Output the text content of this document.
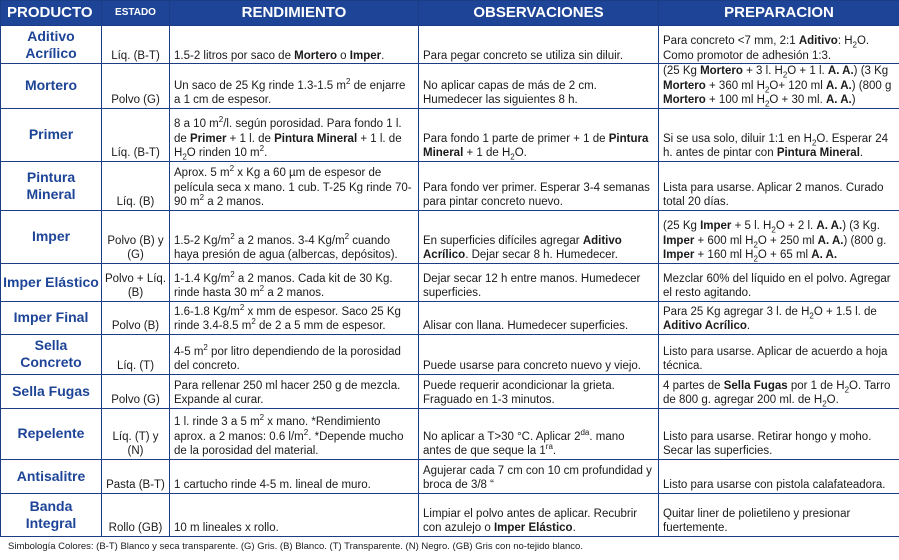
PRODUCTO	ESTADO	RENDIMIENTO	OBSERVACIONES	PREPARACION
Aditivo Acrílico	Líq. (B-T)	1.5-2 litros por saco de Mortero o Imper.	Para pegar concreto se utiliza sin diluir.	Para concreto <7 mm, 2:1 Aditivo: $H_2O$. Como promotor de adhesión 1:3.
Mortero	Polvo (G)	Un saco de 25 Kg rinde 1.3-1.5 $m^2$ de enjarre a 1 cm de espesor.	No aplicar capas de más de 2 cm. Humedecer las siguientes 8 h.	(25 Kg Mortero + 3 l. $H_2O + 1$ l. A. A.) (3 Kg Mortero + 360 ml $H_2O+ 120$ ml A. A.) (800 g Mortero + 100 ml $H_2O + 30$ ml. A. A.)
Primer	Líq. (B-T)	8 a 10 $m^2/l$. según porosidad. Para fondo 1 l. de Primer + 1 l. de Pintura Mineral + 1 l. de $H_2O$ rinden 10 $m^2$.	Para fondo 1 parte de primer + 1 de Pintura Mineral + 1 de $H_2O$.	Si se usa solo, diluir 1:1 en $H_2O$. Esperar 24 h. antes de pintar con Pintura Mineral.
Pintura Mineral	Líq. (B)	Aprox. 5 $m^2$ x Kg a 60 µm de espesor de película seca x mano. 1 cub. T-25 Kg rinde 70-90 $m^2$ a 2 manos.	Para fondo ver primer. Esperar 3-4 semanas para pintar concreto nuevo.	Lista para usarse. Aplicar 2 manos. Curado total 20 días.
Imper	Polvo (B) y (G)	1.5-2 $Kg/m^2$ a 2 manos. 3-4 $Kg/m^2$ cuando haya presión de agua (albercas, depósitos).	En superficies difíciles agregar Aditivo Acrílico. Dejar secar 8 h. Humedecer.	(25 Kg Imper + 5 l. $H_2O + 2$ l. A. A.) (3 Kg. Imper + 600 ml $H_2O + 250$ ml A. A.) (800 g. Imper + 160 ml $H_2O + 65$ ml A. A.
Imper Elástico	Polvo + Líq. (B)	1-1.4 $Kg/m^2$ a 2 manos. Cada kit de 30 Kg. rinde hasta 30 $m^2$ a 2 manos.	Dejar secar 12 h entre manos. Humedecer superficies.	Mezclar 60% del líquido en el polvo. Agregar el resto agitando.
Imper Final	Polvo (B)	1.6-1.8 $Kg/m^2$ x mm de espesor. Saco 25 Kg rinde 3.4-8.5 $m^2$ de 2 a 5 mm de espesor.	Alisar con llana. Humedecer superficies.	Para 25 Kg agregar 3 l. de $H_2O + 1.5$ l. de Aditivo Acrílico.
Sella Concreto	Líq. (T)	4-5 $m^2$ por litro dependiendo de la porosidad del concreto.	Puede usarse para concreto nuevo y viejo.	Listo para usarse. Aplicar de acuerdo a hoja técnica.
Sella Fugas	Polvo (G)	Para rellenar 250 ml hacer 250 g de mezcla. Expande al curar.	Puede requerir acondicionar la grieta. Fraguado en 1-3 minutos.	4 partes de Sella Fugas por 1 de $H_2O$. Tarro de 800 g. agregar 200 ml. de $H_2O$.
Repelente	Líq. (T) y (N)	1 l. rinde 3 a 5 $m^2$ x mano. *Rendimiento aprox. a 2 manos: 0.6 $l/m^2$. *Depende mucho de la porosidad del material.	No aplicar a T>30 °C. Aplicar $2^{da}$. mano antes de que seque la $1^{ra}$.	Listo para usarse. Retirar hongo y moho. Secar las superficies.
Antisalitre	Pasta (B-T)	1 cartucho rinde 4-5 m. lineal de muro.	Agujerar cada 7 cm con 10 cm profundidad y broca de 3/8 “	Listo para usarse con pistola calafateadora.
Banda Integral	Rollo (GB)	10 m lineales x rollo.	Limpiar el polvo antes de aplicar. Recubrir con azulejo o Imper Elástico.	Quitar liner de polietileno y presionar fuertemente.
Simbología Colores: (B-T) Blanco y seca transparente. (G) Gris. (B) Blanco. (T) Transparente. (N) Negro. (GB) Gris con no-tejido blanco.
